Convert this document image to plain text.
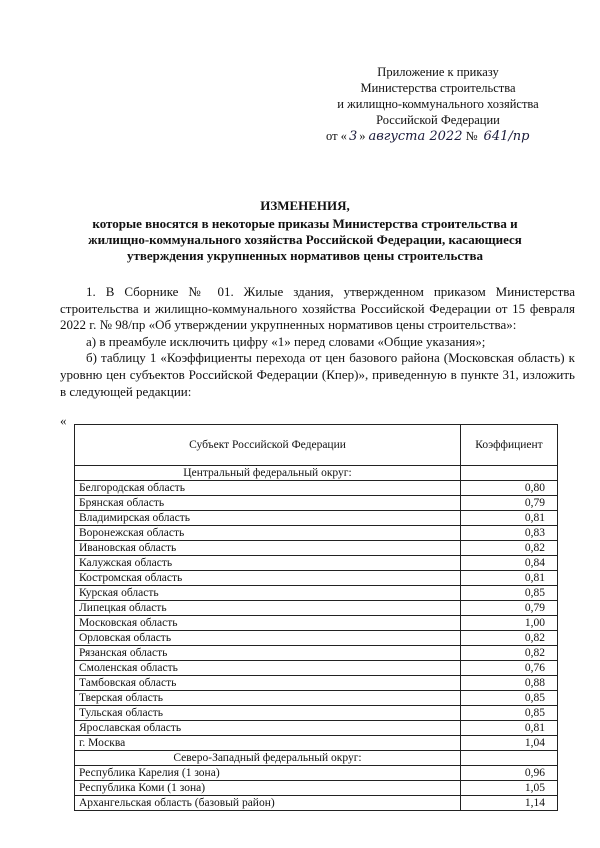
Приложение к приказу
Министерства строительства
и жилищно-коммунального хозяйства
Российской Федерации
от « 3 » августа 2022 № 641/пр
ИЗМЕНЕНИЯ,
которые вносятся в некоторые приказы Министерства строительства и
жилищно-коммунального хозяйства Российской Федерации, касающиеся
утверждения укрупненных нормативов цены строительства

1. В Сборнике № 01. Жилые здания, утвержденном приказом Министерства строительства и жилищно-коммунального хозяйства Российской Федерации от 15 февраля 2022 г. № 98/пр «Об утверждении укрупненных нормативов цены строительства»:

а) в преамбуле исключить цифру «1» перед словами «Общие указания»;

б) таблицу 1 «Коэффициенты перехода от цен базового района (Московская область) к уровню цен субъектов Российской Федерации (Кпер)», приведенную в пункте 31, изложить в следующей редакции:

«
Субъект Российской Федерации	Коэффициент
Центральный федеральный округ:	
Белгородская область	0,80
Брянская область	0,79
Владимирская область	0,81
Воронежская область	0,83
Ивановская область	0,82
Калужская область	0,84
Костромская область	0,81
Курская область	0,85
Липецкая область	0,79
Московская область	1,00
Орловская область	0,82
Рязанская область	0,82
Смоленская область	0,76
Тамбовская область	0,88
Тверская область	0,85
Тульская область	0,85
Ярославская область	0,81
г. Москва	1,04
Северо-Западный федеральный округ:	
Республика Карелия (1 зона)	0,96
Республика Коми (1 зона)	1,05
Архангельская область (базовый район)	1,14
